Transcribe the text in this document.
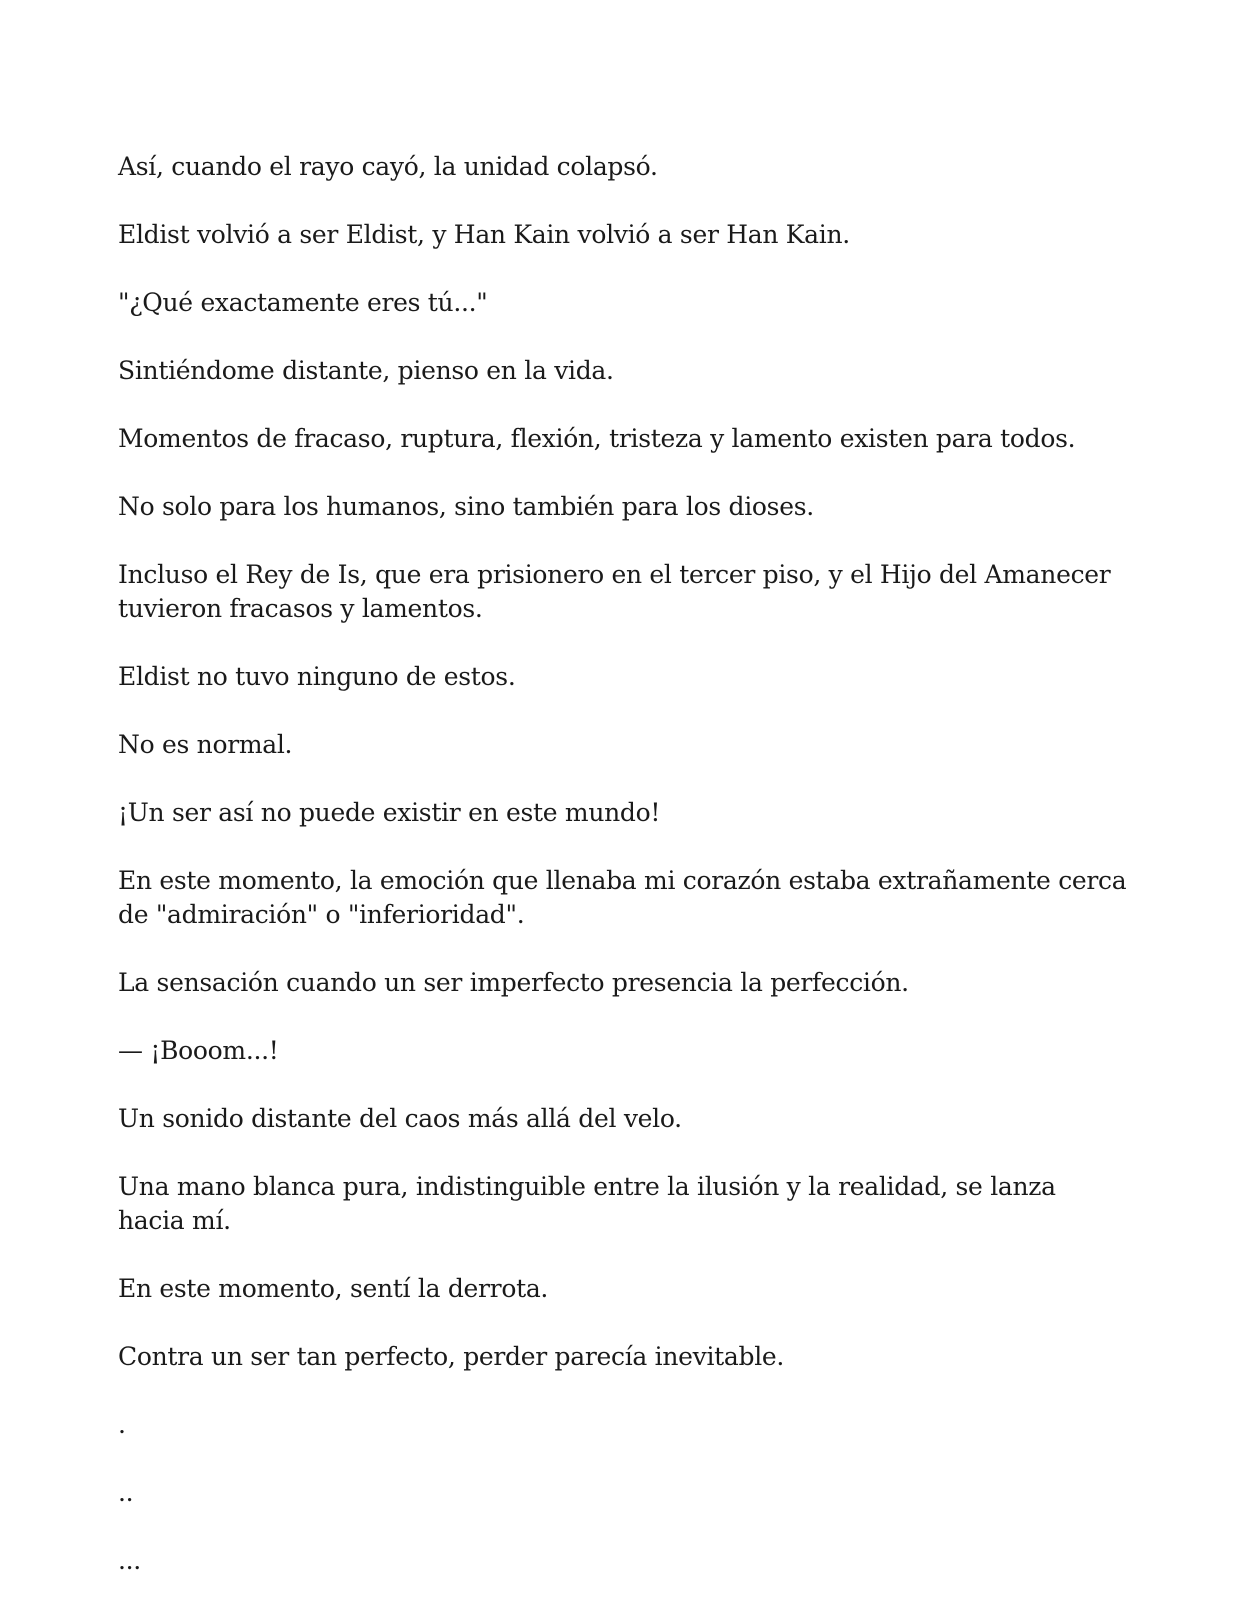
Así, cuando el rayo cayó, la unidad colapsó.

Eldist volvió a ser Eldist, y Han Kain volvió a ser Han Kain.

"¿Qué exactamente eres tú..."

Sintiéndome distante, pienso en la vida.

Momentos de fracaso, ruptura, flexión, tristeza y lamento existen para todos.

No solo para los humanos, sino también para los dioses.

Incluso el Rey de Is, que era prisionero en el tercer piso, y el Hijo del Amanecer tuvieron fracasos y lamentos.

Eldist no tuvo ninguno de estos.

No es normal.

¡Un ser así no puede existir en este mundo!

En este momento, la emoción que llenaba mi corazón estaba extrañamente cerca de "admiración" o "inferioridad".

La sensación cuando un ser imperfecto presencia la perfección.

— ¡Booom...!

Un sonido distante del caos más allá del velo.

Una mano blanca pura, indistinguible entre la ilusión y la realidad, se lanza hacia mí.

En este momento, sentí la derrota.

Contra un ser tan perfecto, perder parecía inevitable.

.

..

...
